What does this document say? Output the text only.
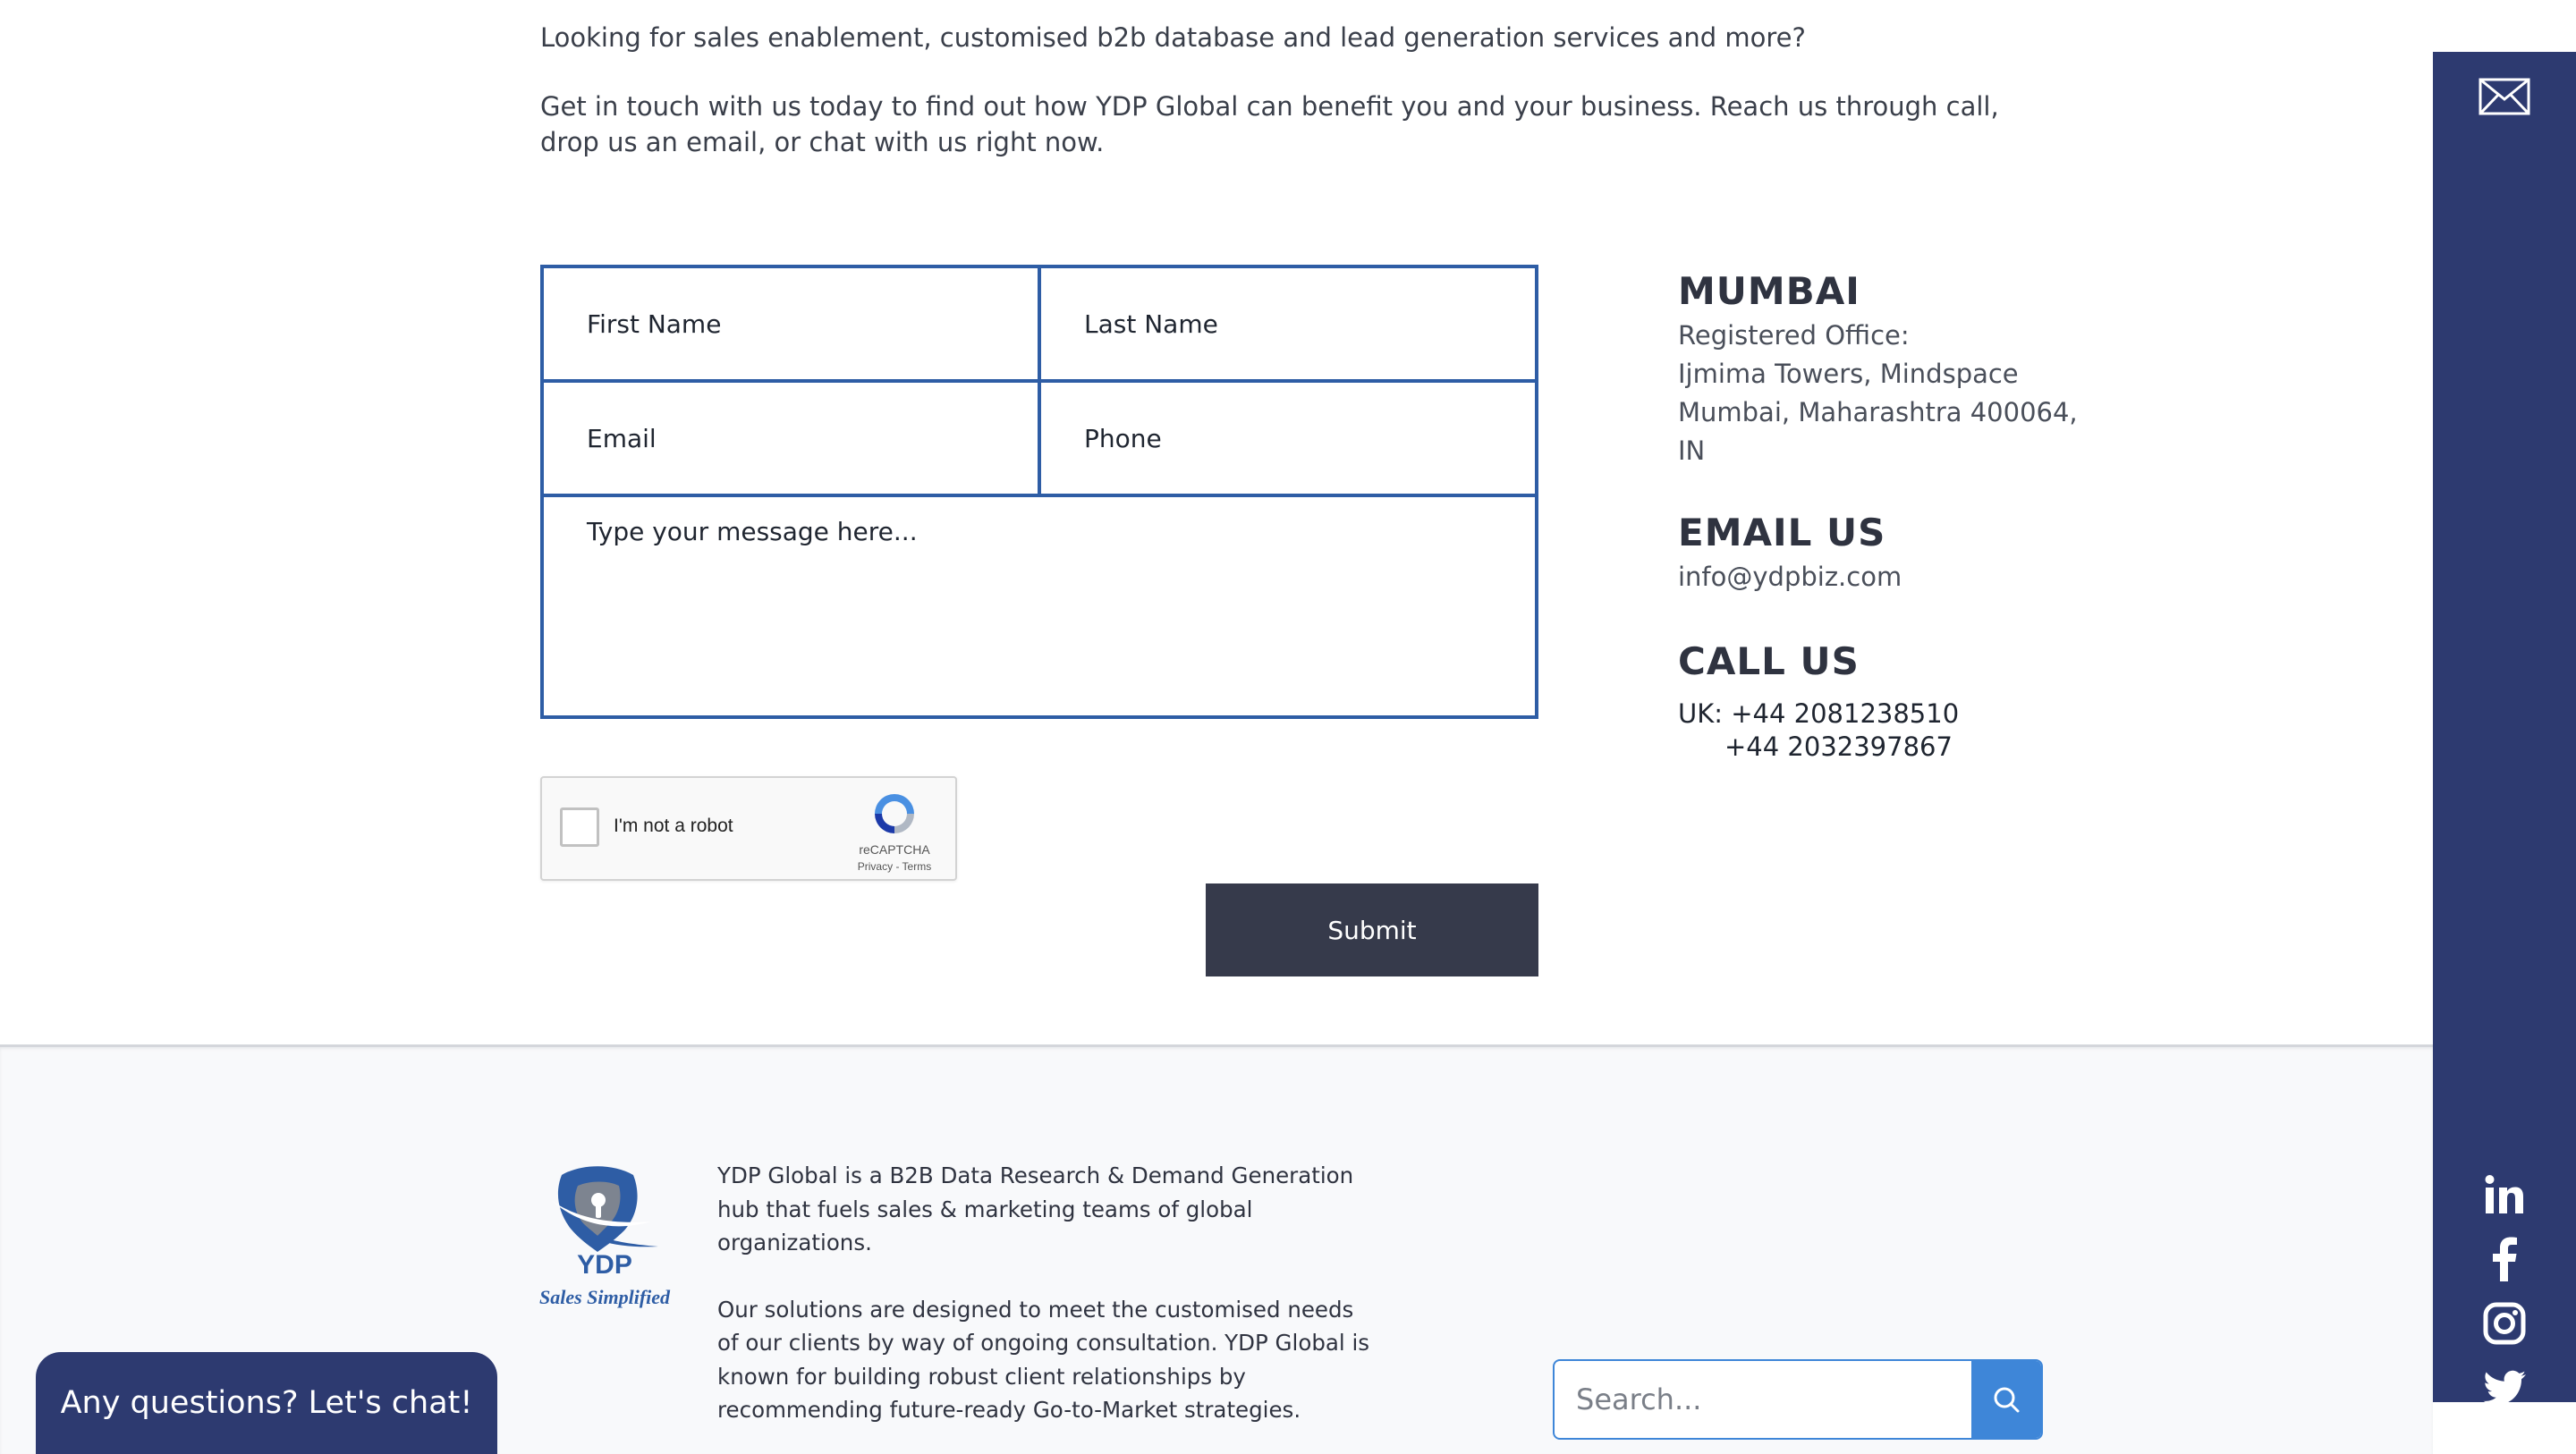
Looking for sales enablement, customised b2b database and lead generation services and more?

Get in touch with us today to find out how YDP Global can benefit you and your business. Reach us through call, drop us an email, or chat with us right now.

First Name	Last Name
Email	Phone
Type your message here...
I'm not a robot
reCAPTCHA
Privacy - Terms
Submit
MUMBAI
Registered Office:
Ijmima Towers, Mindspace
Mumbai, Maharashtra 400064,
IN
EMAIL US
info@ydpbiz.com
CALL US
UK: +44 2081238510
+44 2032397867
YDP
Sales Simplified

YDP Global is a B2B Data Research & Demand Generation hub that fuels sales & marketing teams of global organizations.

Our solutions are designed to meet the customised needs of our clients by way of ongoing consultation. YDP Global is known for building robust client relationships by recommending future-ready Go-to-Market strategies.

Search...
Any questions? Let's chat!
